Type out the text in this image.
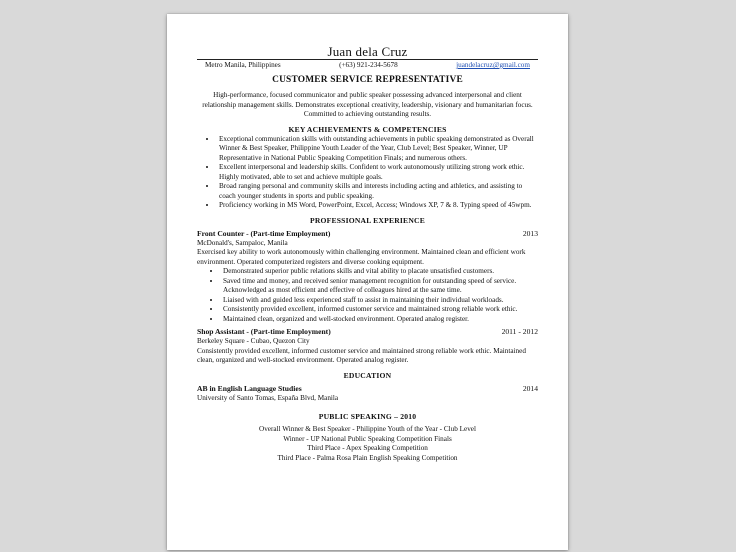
Juan dela Cruz
Metro Manila, Philippines	(+63) 921-234-5678	juandelacruz@gmail.com
CUSTOMER SERVICE REPRESENTATIVE
High-performance, focused communicator and public speaker possessing advanced interpersonal and client relationship management skills. Demonstrates exceptional creativity, leadership, visionary and humanitarian focus. Committed to achieving outstanding results.
KEY ACHIEVEMENTS & COMPETENCIES
• Exceptional communication skills with outstanding achievements in public speaking demonstrated as Overall Winner & Best Speaker, Philippine Youth Leader of the Year, Club Level; Best Speaker, Winner, UP Representative in National Public Speaking Competition Finals; and numerous others.
• Excellent interpersonal and leadership skills. Confident to work autonomously utilizing strong work ethic. Highly motivated, able to set and achieve multiple goals.
• Broad ranging personal and community skills and interests including acting and athletics, and assisting to coach younger students in sports and public speaking.
• Proficiency working in MS Word, PowerPoint, Excel, Access; Windows XP, 7 & 8. Typing speed of 45wpm.
PROFESSIONAL EXPERIENCE
Front Counter - (Part-time Employment)	2013
McDonald's, Sampaloc, Manila
Exercised key ability to work autonomously within challenging environment. Maintained clean and efficient work environment. Operated computerized registers and diverse cooking equipment.
• Demonstrated superior public relations skills and vital ability to placate unsatisfied customers.
• Saved time and money, and received senior management recognition for outstanding speed of service. Acknowledged as most efficient and effective of colleagues hired at the same time.
• Liaised with and guided less experienced staff to assist in maintaining their individual workloads.
• Consistently provided excellent, informed customer service and maintained strong reliable work ethic.
• Maintained clean, organized and well-stocked environment. Operated analog register.
Shop Assistant - (Part-time Employment)	2011 - 2012
Berkeley Square - Cubao, Quezon City
Consistently provided excellent, informed customer service and maintained strong reliable work ethic. Maintained clean, organized and well-stocked environment. Operated analog register.
EDUCATION
AB in English Language Studies	2014
University of Santo Tomas, España Blvd, Manila
PUBLIC SPEAKING – 2010
Overall Winner & Best Speaker - Philippine Youth of the Year - Club Level
Winner - UP National Public Speaking Competition Finals
Third Place - Apex Speaking Competition
Third Place - Palma Rosa Plain English Speaking Competition
